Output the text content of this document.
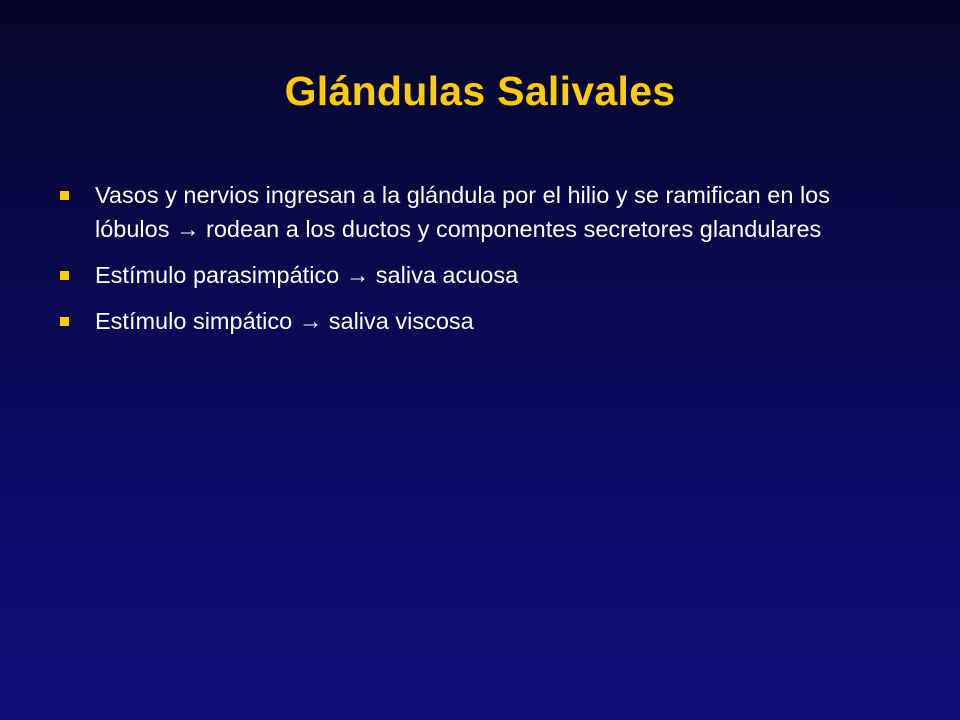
Glándulas Salivales
Vasos y nervios ingresan a la glándula por el hilio y se ramifican en los lóbulos → rodean a los ductos y componentes secretores glandulares
Estímulo parasimpático → saliva acuosa
Estímulo simpático → saliva viscosa
